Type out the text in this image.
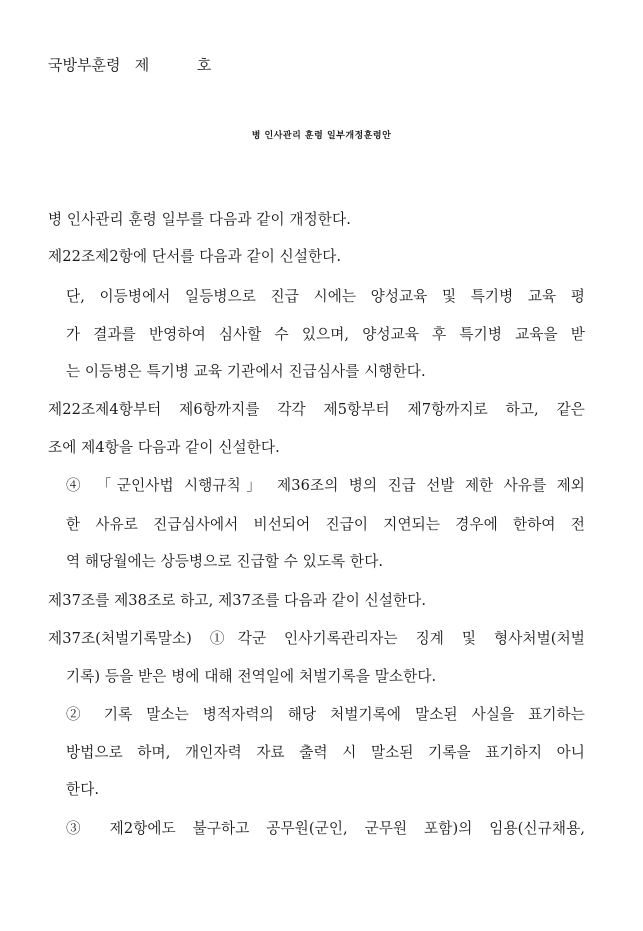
국방부훈령   제          호
병 인사관리 훈령 일부개정훈령안
병 인사관리 훈령 일부를 다음과 같이 개정한다.
제22조제2항에 단서를 다음과 같이 신설한다.
단, 이등병에서 일등병으로 진급 시에는 양성교육 및 특기병 교육 평
가 결과를 반영하여 심사할 수 있으며, 양성교육 후 특기병 교육을 받
는 이등병은 특기병 교육 기관에서 진급심사를 시행한다.
제22조제4항부터 제6항까지를 각각 제5항부터 제7항까지로 하고, 같은
조에 제4항을 다음과 같이 신설한다.
④ 「군인사법 시행규칙」 제36조의 병의 진급 선발 제한 사유를 제외
한 사유로 진급심사에서 비선되어 진급이 지연되는 경우에 한하여 전
역 해당월에는 상등병으로 진급할 수 있도록 한다.
제37조를 제38조로 하고, 제37조를 다음과 같이 신설한다.
제37조(처벌기록말소) ①각군 인사기록관리자는 징계 및 형사처벌(처벌
기록) 등을 받은 병에 대해 전역일에 처벌기록을 말소한다.
② 기록 말소는 병적자력의 해당 처벌기록에 말소된 사실을 표기하는
방법으로 하며, 개인자력 자료 출력 시 말소된 기록을 표기하지 아니
한다.
③ 제2항에도 불구하고 공무원(군인, 군무원 포함)의 임용(신규채용,
